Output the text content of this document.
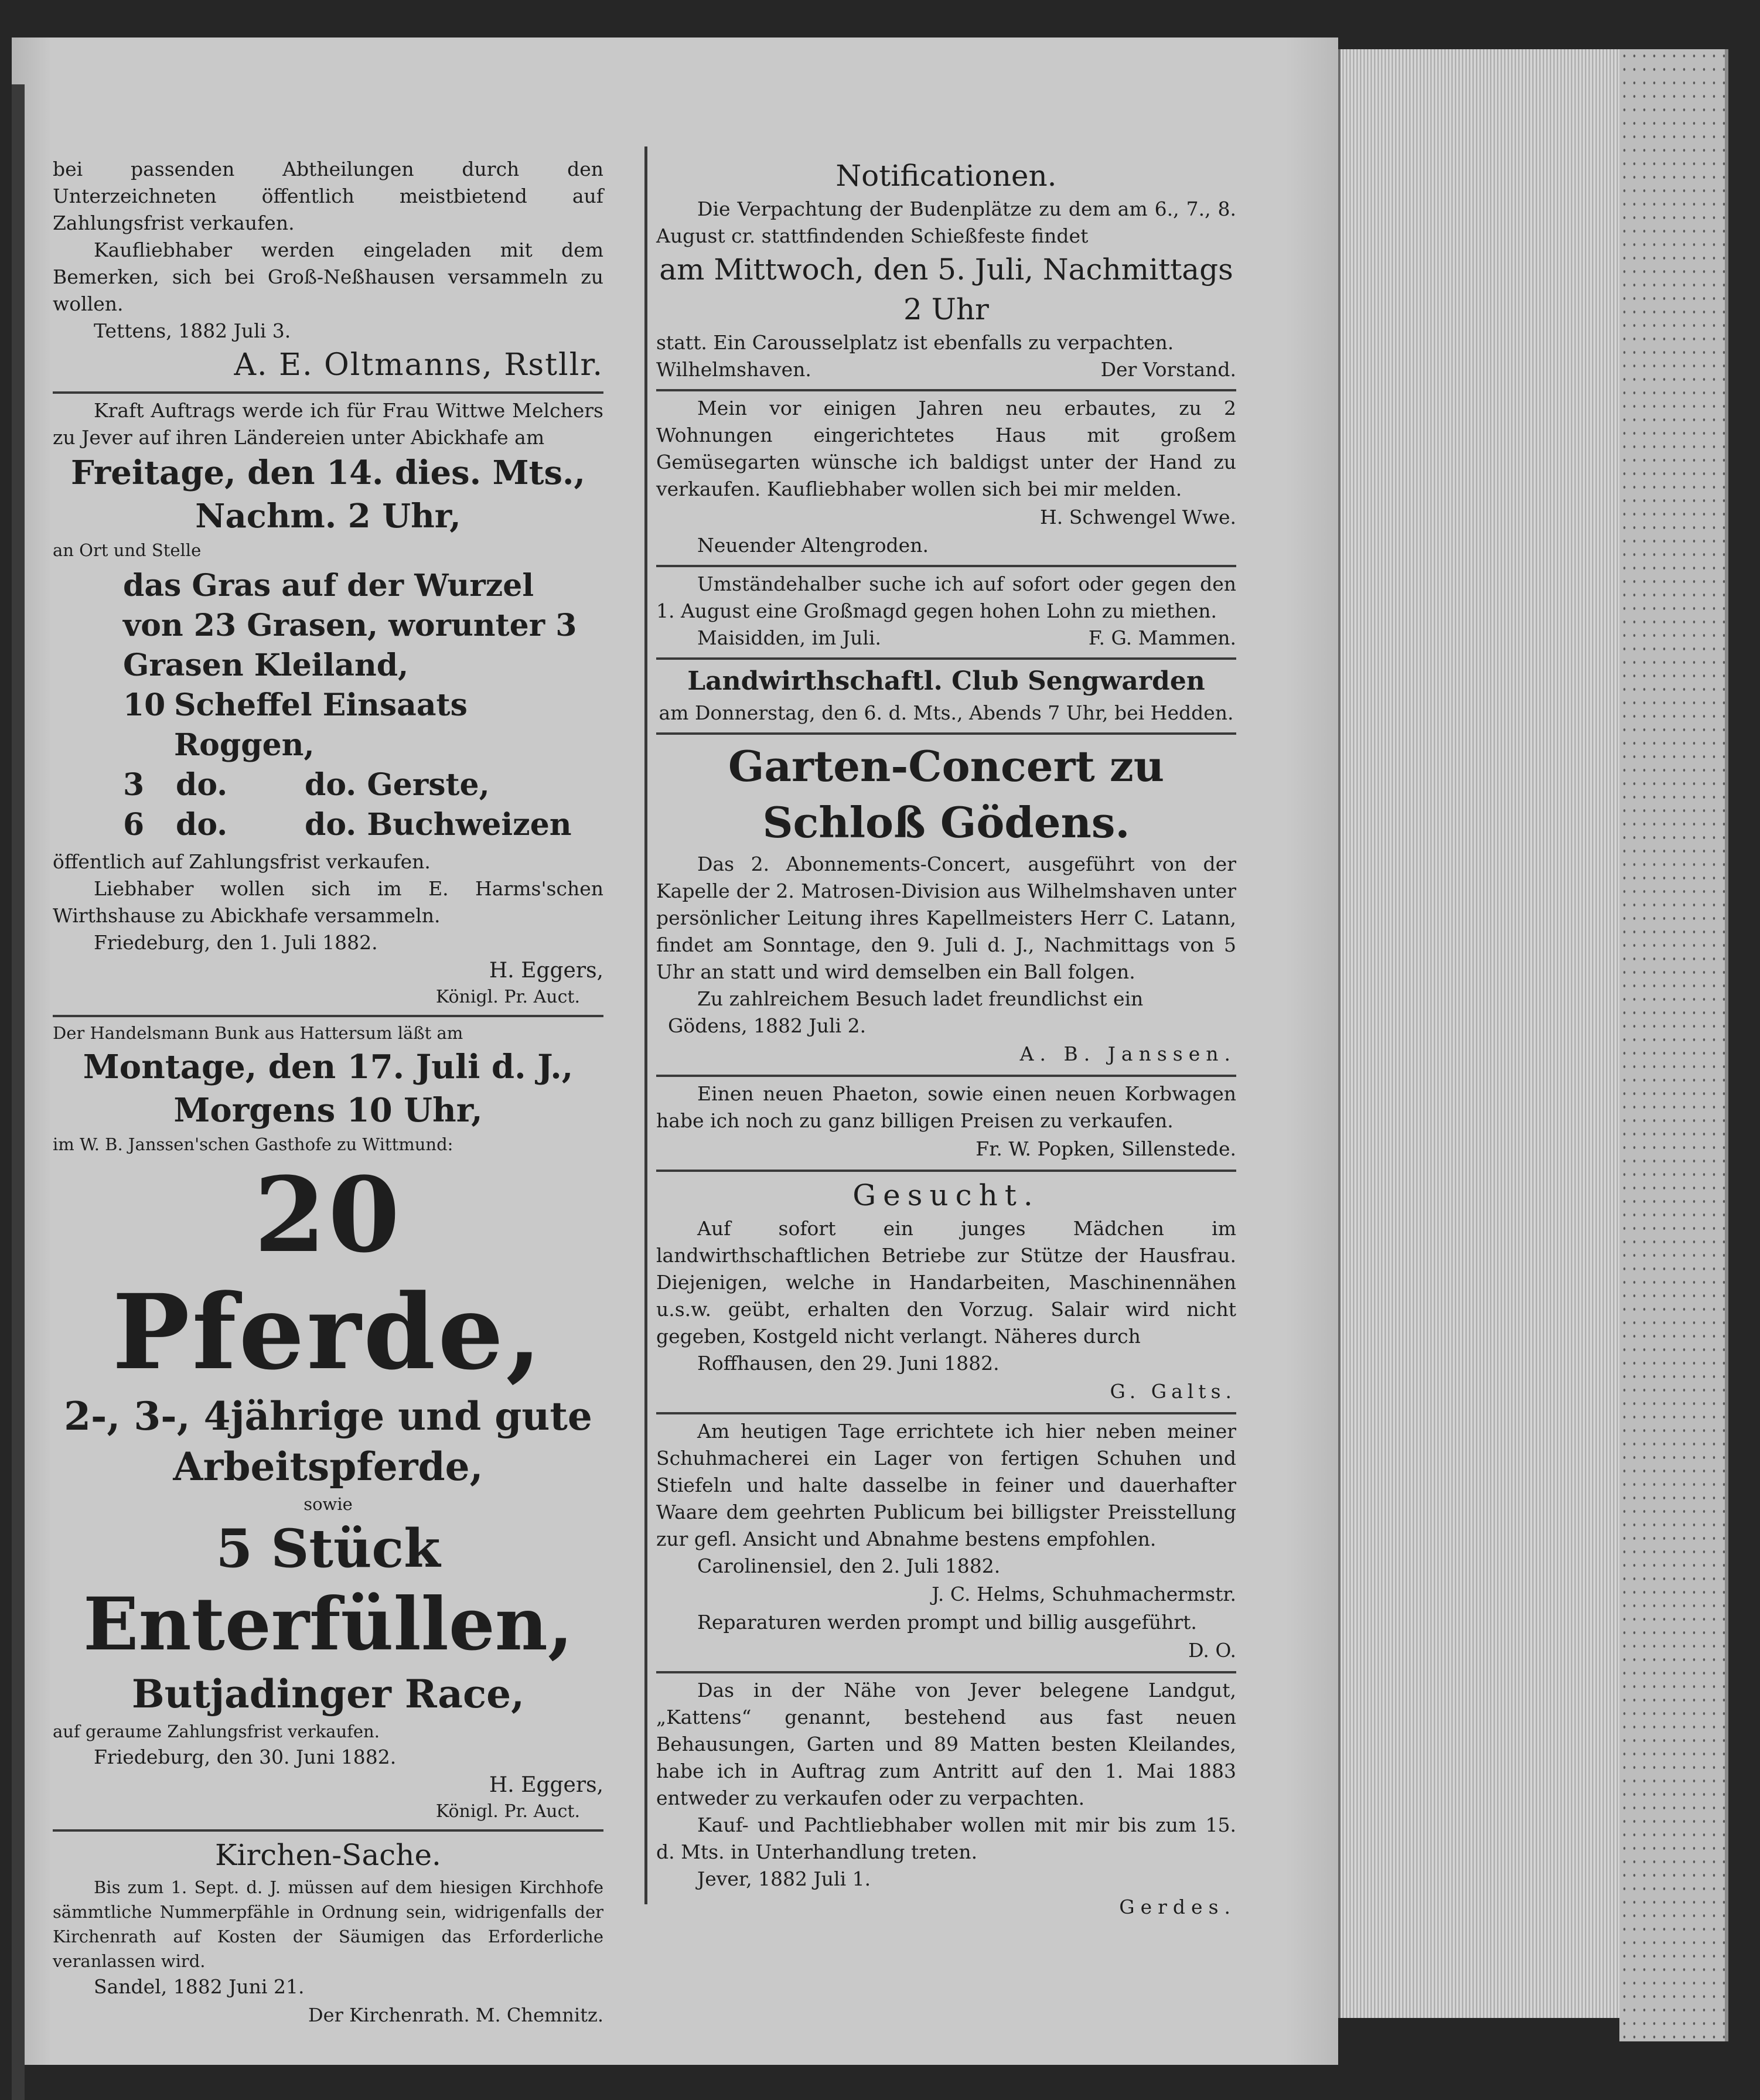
bei passenden Abtheilungen durch den Unterzeichneten öffentlich meistbietend auf Zahlungsfrist verkaufen.

Kaufliebhaber werden eingeladen mit dem Bemerken, sich bei Groß-Neßhausen versammeln zu wollen.

Tettens, 1882 Juli 3.

A. E. Oltmanns, Rstllr.

Kraft Auftrags werde ich für Frau Wittwe Melchers zu Jever auf ihren Ländereien unter Abickhafe am

Freitage, den 14. dies. Mts.,

Nachm. 2 Uhr,

an Ort und Stelle

das Gras auf der Wurzel von 23 Grasen, worunter 3 Grasen Kleiland,

10 Scheffel Einsaats Roggen,
3	do.	do. Gerste,
6	do.	do. Buchweizen

öffentlich auf Zahlungsfrist verkaufen.

Liebhaber wollen sich im E. Harms'schen Wirthshause zu Abickhafe versammeln.

Friedeburg, den 1. Juli 1882.

H. Eggers,

Königl. Pr. Auct.

Der Handelsmann Bunk aus Hattersum läßt am

Montage, den 17. Juli d. J.,

Morgens 10 Uhr,

im W. B. Janssen'schen Gasthofe zu Wittmund:

20 Pferde,

2-, 3-, 4jährige und gute Arbeitspferde,

sowie

5 Stück

Enterfüllen,

Butjadinger Race,

auf geraume Zahlungsfrist verkaufen.

Friedeburg, den 30. Juni 1882.

H. Eggers,

Königl. Pr. Auct.

Kirchen-Sache.

Bis zum 1. Sept. d. J. müssen auf dem hiesigen Kirchhofe sämmtliche Nummerpfähle in Ordnung sein, widrigenfalls der Kirchenrath auf Kosten der Säumigen das Erforderliche veranlassen wird.

Sandel, 1882 Juni 21.

Der Kirchenrath. M. Chemnitz.

Notificationen.

Die Verpachtung der Budenplätze zu dem am 6., 7., 8. August cr. stattfindenden Schießfeste findet

am Mittwoch, den 5. Juli, Nachmittags 2 Uhr

statt. Ein Carousselplatz ist ebenfalls zu verpachten.

Wilhelmshaven.	Der Vorstand.

Mein vor einigen Jahren neu erbautes, zu 2 Wohnungen eingerichtetes Haus mit großem Gemüsegarten wünsche ich baldigst unter der Hand zu verkaufen. Kaufliebhaber wollen sich bei mir melden.

H. Schwengel Wwe.

Neuender Altengroden.

Umständehalber suche ich auf sofort oder gegen den 1. August eine Großmagd gegen hohen Lohn zu miethen.

Maisidden, im Juli.	F. G. Mammen.

Landwirthschaftl. Club Sengwarden

am Donnerstag, den 6. d. Mts., Abends 7 Uhr, bei Hedden.

Garten-Concert zu Schloß Gödens.

Das 2. Abonnements-Concert, ausgeführt von der Kapelle der 2. Matrosen-Division aus Wilhelmshaven unter persönlicher Leitung ihres Kapellmeisters Herr C. Latann, findet am Sonntage, den 9. Juli d. J., Nachmittags von 5 Uhr an statt und wird demselben ein Ball folgen.

Zu zahlreichem Besuch ladet freundlichst ein

Gödens, 1882 Juli 2.

A. B. Janssen.

Einen neuen Phaeton, sowie einen neuen Korbwagen habe ich noch zu ganz billigen Preisen zu verkaufen.

Fr. W. Popken, Sillenstede.

Gesucht.

Auf sofort ein junges Mädchen im landwirthschaftlichen Betriebe zur Stütze der Hausfrau. Diejenigen, welche in Handarbeiten, Maschinennähen u.s.w. geübt, erhalten den Vorzug. Salair wird nicht gegeben, Kostgeld nicht verlangt. Näheres durch

Roffhausen, den 29. Juni 1882.

G. Galts.

Am heutigen Tage errichtete ich hier neben meiner Schuhmacherei ein Lager von fertigen Schuhen und Stiefeln und halte dasselbe in feiner und dauerhafter Waare dem geehrten Publicum bei billigster Preisstellung zur gefl. Ansicht und Abnahme bestens empfohlen.

Carolinensiel, den 2. Juli 1882.

J. C. Helms, Schuhmachermstr.

Reparaturen werden prompt und billig ausgeführt.

D. O.

Das in der Nähe von Jever belegene Landgut, „Kattens“ genannt, bestehend aus fast neuen Behausungen, Garten und 89 Matten besten Kleilandes, habe ich in Auftrag zum Antritt auf den 1. Mai 1883 entweder zu verkaufen oder zu verpachten.

Kauf- und Pachtliebhaber wollen mit mir bis zum 15. d. Mts. in Unterhandlung treten.

Jever, 1882 Juli 1.

Gerdes.
